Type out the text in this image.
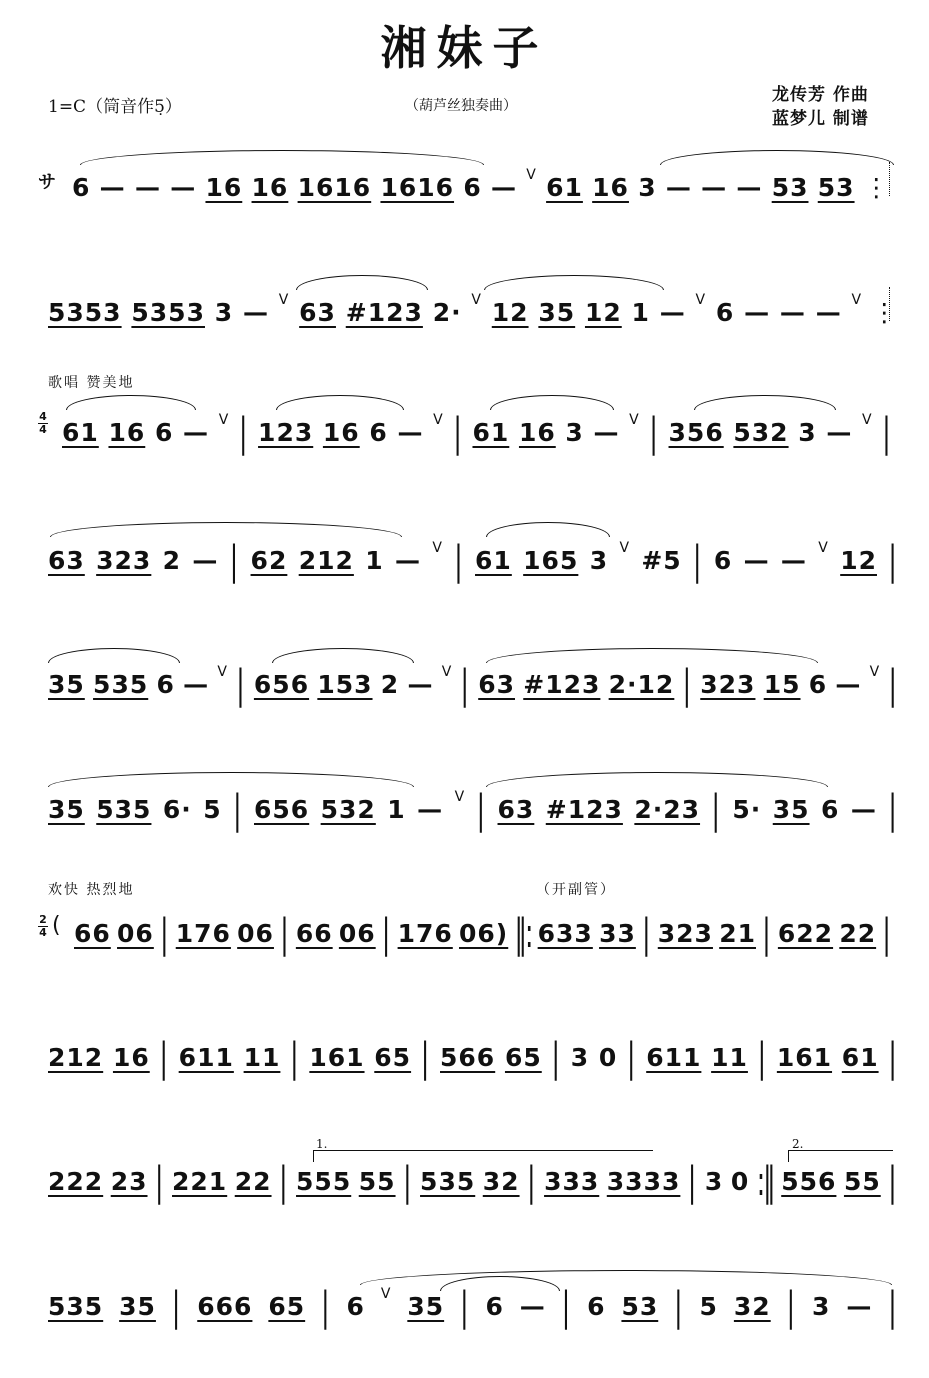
湘妹子
1=C（筒音作5̣）	（葫芦丝独奏曲）
龙传芳 作曲
蓝梦儿 制谱
歌唱 赞美地
欢快 热烈地	（开副管）
1.	2.
サ
4
4
2
4 (
6 — — — 16 16 1616 1616 6 — V 61 16 3 — — — 53 53 ⋮
5353 5353 3 — V 63 #123 2· V 12 35 12 1 — V 6 — — — V ⋮
61 16 6 — V | 123 16 6 — V | 61 16 3 — V | 356 532 3 — V |
63 323 2 — | 62 212 1 — V | 61 165 3 V #5 | 6 — — V 12 |
35 535 6 — V | 656 153 2 — V | 63 #123 2·12 | 323 15 6 — V |
35 535 6· 5 | 656 532 1 — V | 63 #123 2·23 | 5· 35 6 — |
66 06 | 176 06 | 66 06 | 176 06) ‖: 633 33 | 323 21 | 622 22 |
212 16 | 611 11 | 161 65 | 566 65 | 3 0 | 611 11 | 161 61 |
222 23 | 221 22 | 555 55 | 535 32 | 333 3333 | 3 0 :‖ 556 55 |
535 35 | 666 65 | 6 V 35 | 6 — | 6 53 | 5 32 | 3 — |
